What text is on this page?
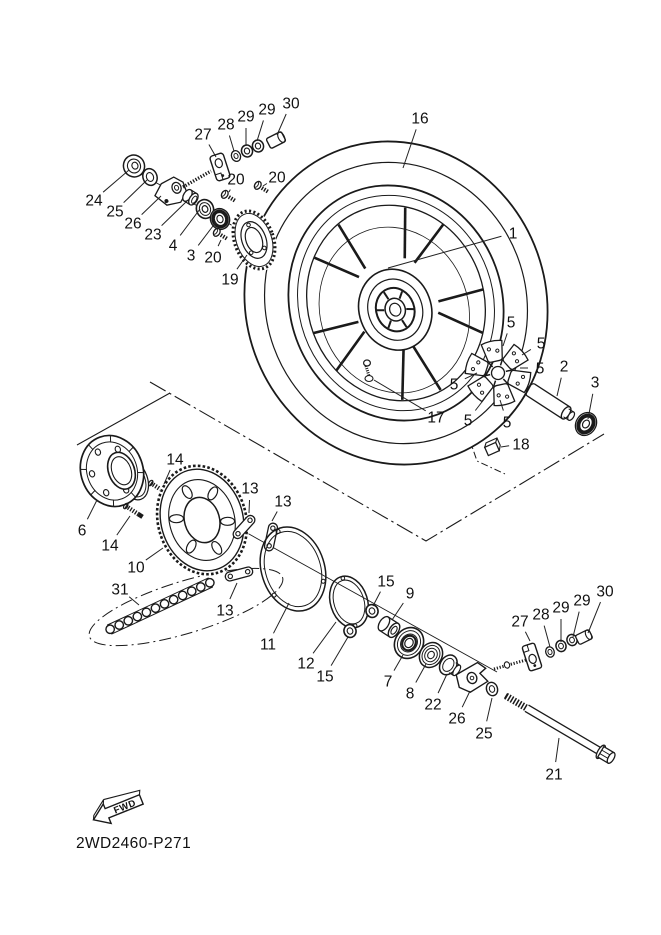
FWD
2WD2460-P271
24
25
26
23
4
3 20
19
27
28 29 29 30
20 20
16
1
17
5
5
5
5
5 5
2
3
18
6
14
14
10
31
13
13
13
11
12
15
15
9
7
8
22
26
25
21
27 28 29 29
30
